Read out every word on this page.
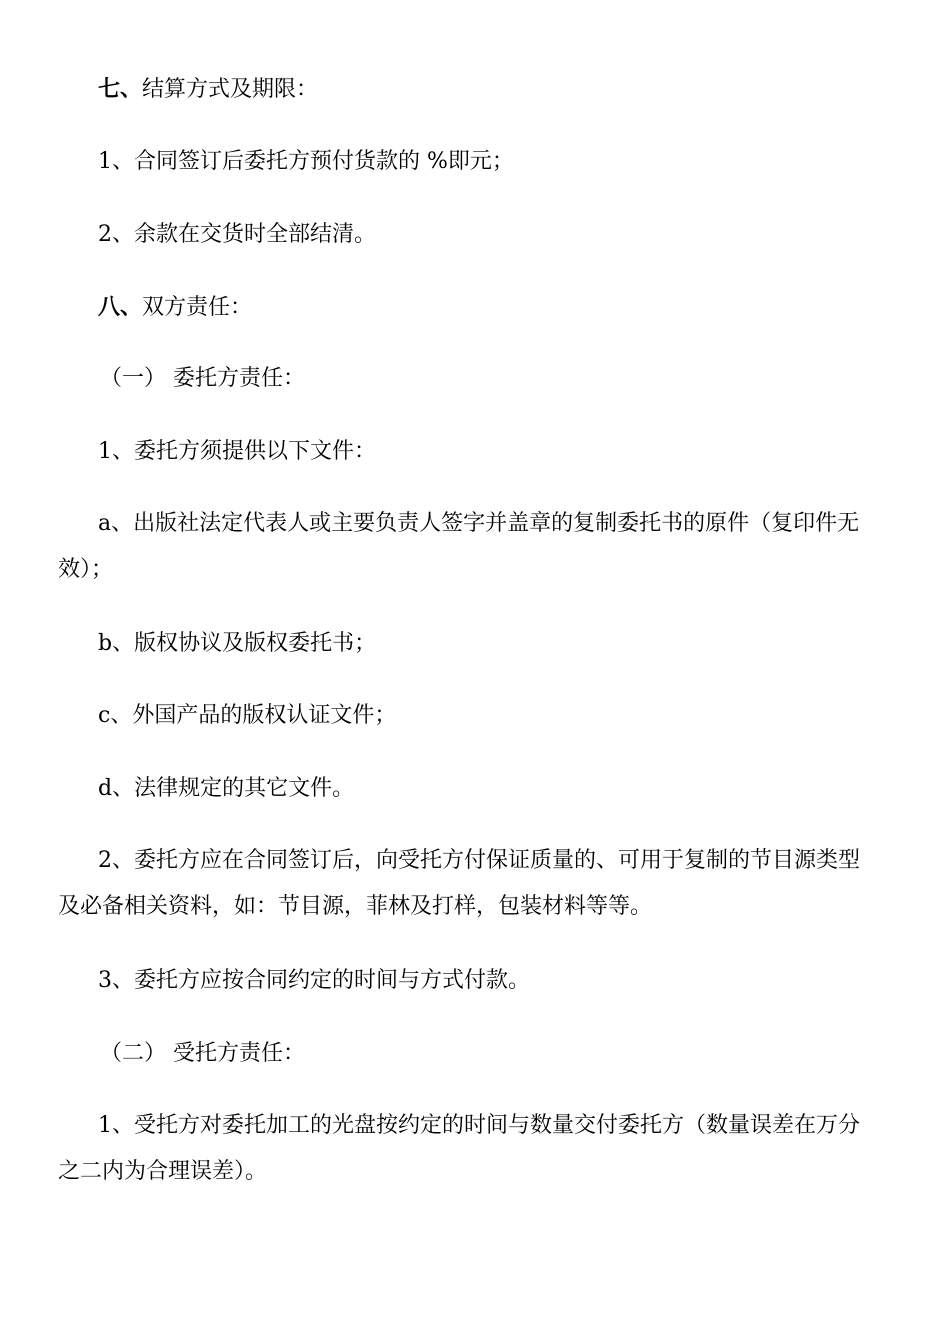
七、结算方式及期限：
1、合同签订后委托方预付货款的 %即元；
2、余款在交货时全部结清。
八、双方责任：
（一） 委托方责任：
1、委托方须提供以下文件：
a、出版社法定代表人或主要负责人签字并盖章的复制委托书的原件（复印件无效）；
b、版权协议及版权委托书；
c、外国产品的版权认证文件；
d、法律规定的其它文件。
2、委托方应在合同签订后，向受托方付保证质量的、可用于复制的节目源类型及必备相关资料，如：节目源，菲林及打样，包装材料等等。
3、委托方应按合同约定的时间与方式付款。
（二） 受托方责任：
1、受托方对委托加工的光盘按约定的时间与数量交付委托方（数量误差在万分之二内为合理误差）。
